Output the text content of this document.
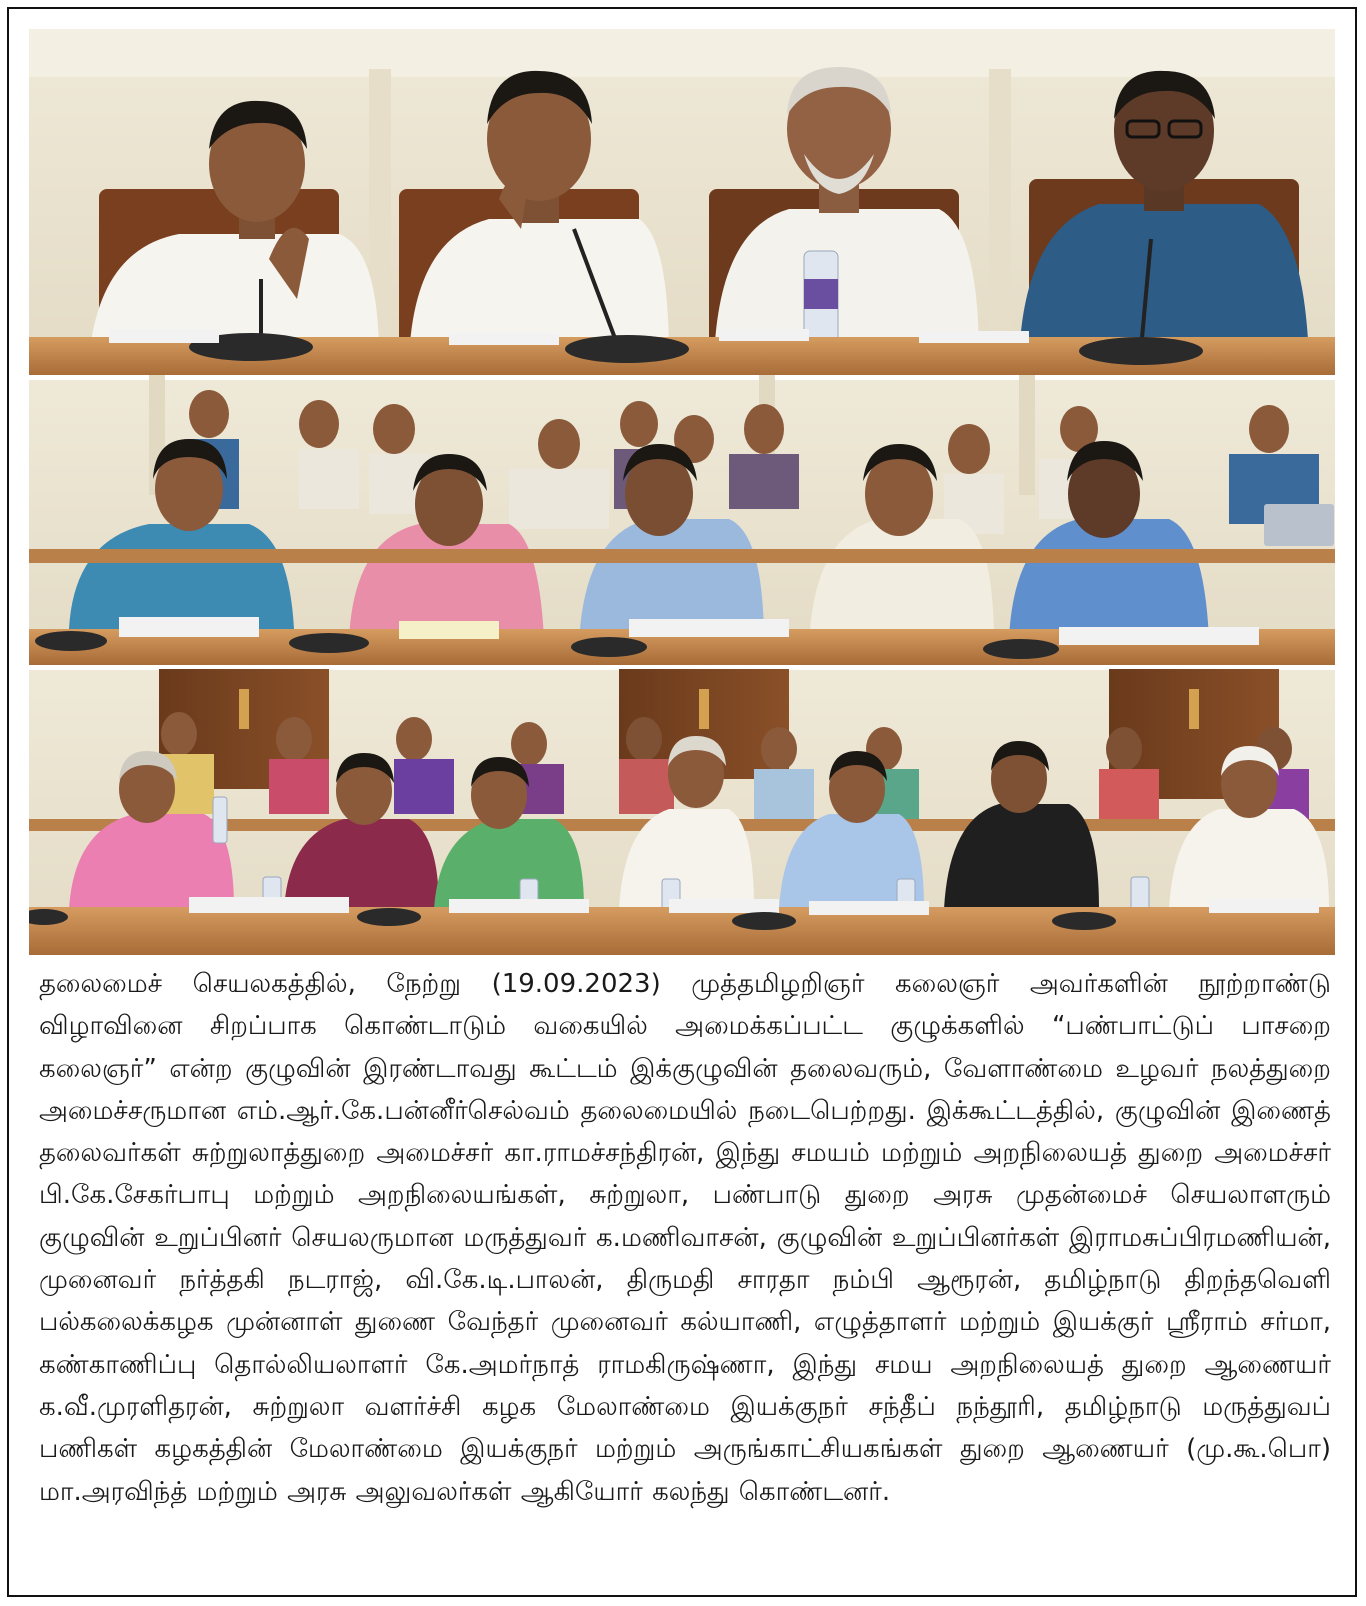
தலைமைச் செயலகத்தில், நேற்று (19.09.2023) முத்தமிழறிஞர் கலைஞர் அவர்களின் நூற்றாண்டு விழாவினை சிறப்பாக கொண்டாடும் வகையில் அமைக்கப்பட்ட குழுக்களில் “பண்பாட்டுப் பாசறை கலைஞர்” என்ற குழுவின் இரண்டாவது கூட்டம் இக்குழுவின் தலைவரும், வேளாண்மை உழவர் நலத்துறை அமைச்சருமான எம்.ஆர்.கே.பன்னீர்செல்வம் தலைமையில் நடைபெற்றது. இக்கூட்டத்தில், குழுவின் இணைத் தலைவர்கள் சுற்றுலாத்துறை அமைச்சர் கா.ராமச்சந்திரன், இந்து சமயம் மற்றும் அறநிலையத் துறை அமைச்சர் பி.கே.சேகர்பாபு மற்றும் அறநிலையங்கள், சுற்றுலா, பண்பாடு துறை அரசு முதன்மைச் செயலாளரும் குழுவின் உறுப்பினர் செயலருமான மருத்துவர் க.மணிவாசன், குழுவின் உறுப்பினர்கள் இராமசுப்பிரமணியன், முனைவர் நர்த்தகி நடராஜ், வி.கே.டி.பாலன், திருமதி சாரதா நம்பி ஆரூரன், தமிழ்நாடு திறந்தவெளி பல்கலைக்கழக முன்னாள் துணை வேந்தர் முனைவர் கல்யாணி, எழுத்தாளர் மற்றும் இயக்குர் ஸ்ரீராம் சர்மா, கண்காணிப்பு தொல்லியலாளர் கே.அமர்நாத் ராமகிருஷ்ணா, இந்து சமய அறநிலையத் துறை ஆணையர் க.வீ.முரளிதரன், சுற்றுலா வளர்ச்சி கழக மேலாண்மை இயக்குநர் சந்தீப் நந்தூரி, தமிழ்நாடு மருத்துவப் பணிகள் கழகத்தின் மேலாண்மை இயக்குநர் மற்றும் அருங்காட்சியகங்கள் துறை ஆணையர் (மு.கூ.பொ) மா.அரவிந்த் மற்றும் அரசு அலுவலர்கள் ஆகியோர் கலந்து கொண்டனர்.
